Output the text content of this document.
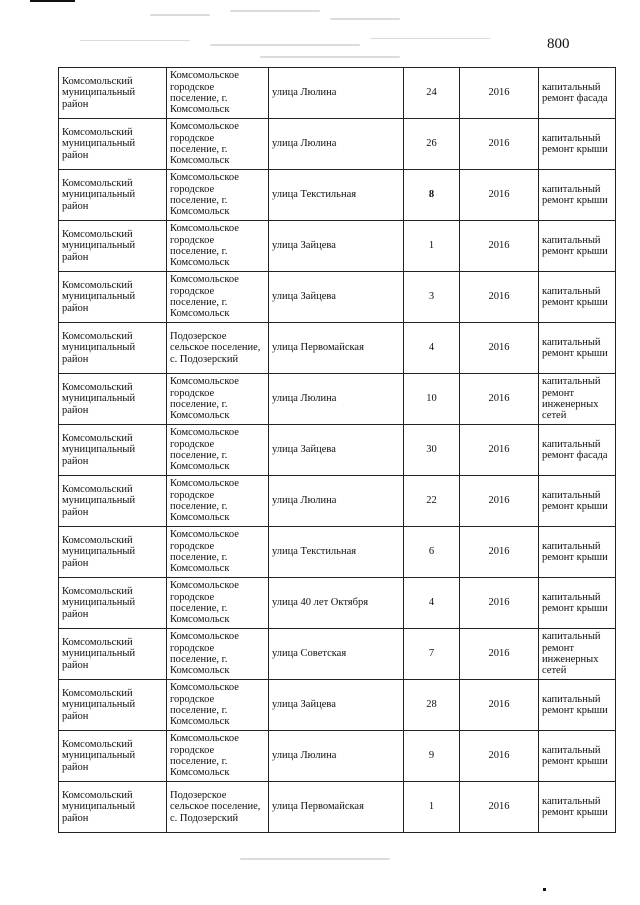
800
Комсомольский муниципальный район	Комсомольское городское поселение, г. Комсомольск	улица Люлина	24	2016	капитальный ремонт фасада
Комсомольский муниципальный район	Комсомольское городское поселение, г. Комсомольск	улица Люлина	26	2016	капитальный ремонт крыши
Комсомольский муниципальный район	Комсомольское городское поселение, г. Комсомольск	улица Текстильная	8	2016	капитальный ремонт крыши
Комсомольский муниципальный район	Комсомольское городское поселение, г. Комсомольск	улица Зайцева	1	2016	капитальный ремонт крыши
Комсомольский муниципальный район	Комсомольское городское поселение, г. Комсомольск	улица Зайцева	3	2016	капитальный ремонт крыши
Комсомольский муниципальный район	Подозерское сельское поселение, с. Подозерский	улица Первомайская	4	2016	капитальный ремонт крыши
Комсомольский муниципальный район	Комсомольское городское поселение, г. Комсомольск	улица Люлина	10	2016	капитальный ремонт инженерных сетей
Комсомольский муниципальный район	Комсомольское городское поселение, г. Комсомольск	улица Зайцева	30	2016	капитальный ремонт фасада
Комсомольский муниципальный район	Комсомольское городское поселение, г. Комсомольск	улица Люлина	22	2016	капитальный ремонт крыши
Комсомольский муниципальный район	Комсомольское городское поселение, г. Комсомольск	улица Текстильная	6	2016	капитальный ремонт крыши
Комсомольский муниципальный район	Комсомольское городское поселение, г. Комсомольск	улица 40 лет Октября	4	2016	капитальный ремонт крыши
Комсомольский муниципальный район	Комсомольское городское поселение, г. Комсомольск	улица Советская	7	2016	капитальный ремонт инженерных сетей
Комсомольский муниципальный район	Комсомольское городское поселение, г. Комсомольск	улица Зайцева	28	2016	капитальный ремонт крыши
Комсомольский муниципальный район	Комсомольское городское поселение, г. Комсомольск	улица Люлина	9	2016	капитальный ремонт крыши
Комсомольский муниципальный район	Подозерское сельское поселение, с. Подозерский	улица Первомайская	1	2016	капитальный ремонт крыши
